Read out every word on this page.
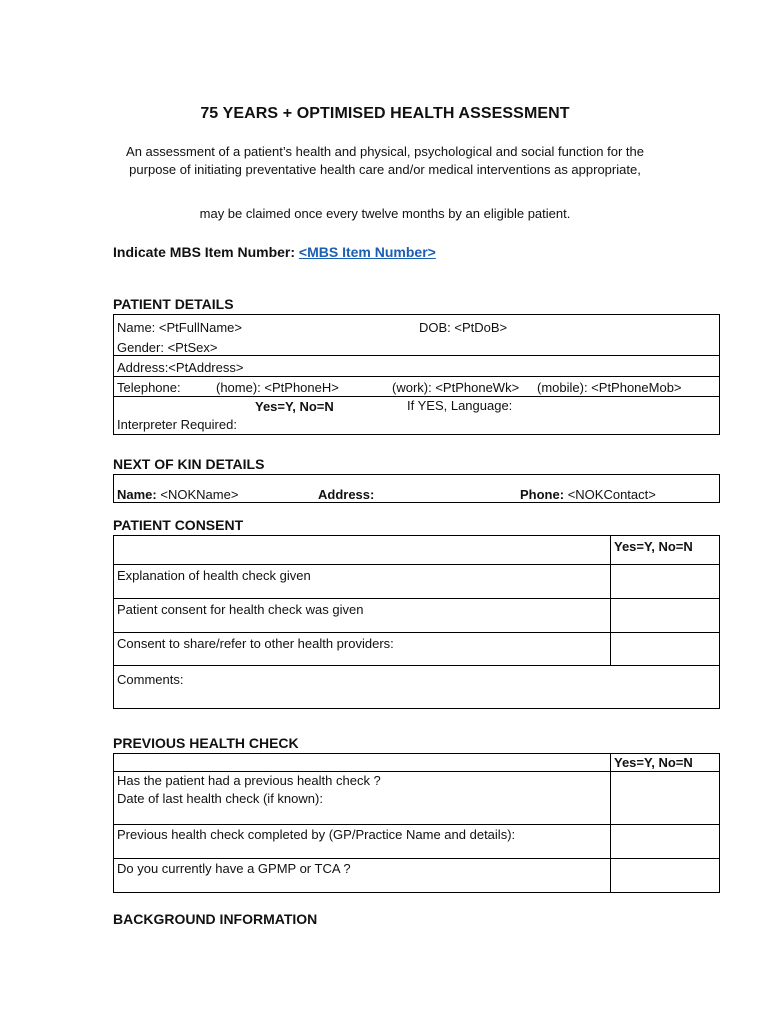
75 YEARS + OPTIMISED HEALTH ASSESSMENT
An assessment of a patient’s health and physical, psychological and social function for the purpose of initiating preventative health care and/or medical interventions as appropriate,
may be claimed once every twelve months by an eligible patient.
Indicate MBS Item Number: <MBS Item Number>
PATIENT DETAILS
Name: <PtFullName>	DOB: <PtDoB>
Gender: <PtSex>
Address:<PtAddress>
Telephone:	(home): <PtPhoneH>	(work): <PtPhoneWk> (mobile): <PtPhoneMob>
Yes=Y, No=N	If YES, Language:
Interpreter Required:
NEXT OF KIN DETAILS
Name: <NOKName>	Address:	Phone: <NOKContact>
PATIENT CONSENT
Yes=Y, No=N
Explanation of health check given
Patient consent for health check was given
Consent to share/refer to other health providers:
Comments:
PREVIOUS HEALTH CHECK
Yes=Y, No=N
Has the patient had a previous health check ?
Date of last health check (if known):
Previous health check completed by (GP/Practice Name and details):
Do you currently have a GPMP or TCA ?
BACKGROUND INFORMATION
